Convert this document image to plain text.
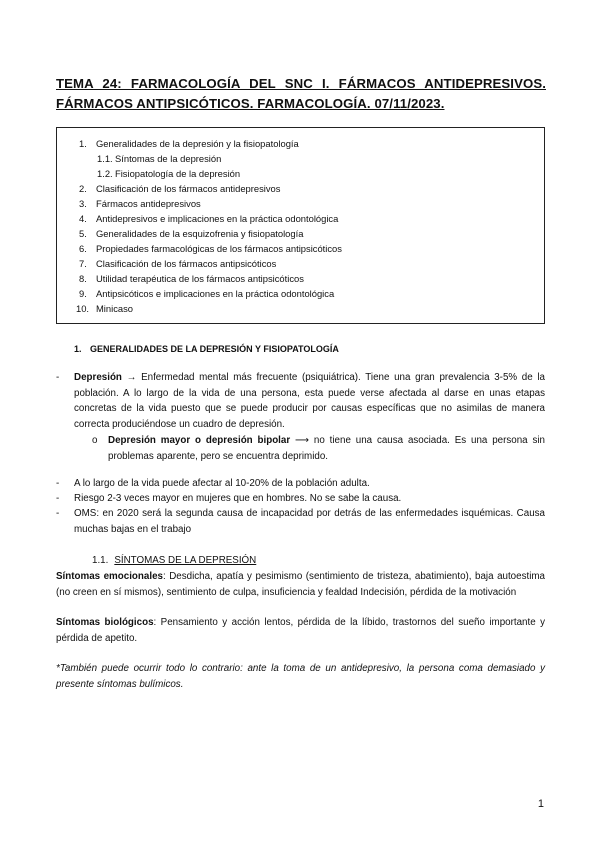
TEMA 24: FARMACOLOGÍA DEL SNC I. FÁRMACOS ANTIDEPRESIVOS. FÁRMACOS ANTIPSICÓTICOS. FARMACOLOGÍA. 07/11/2023.
1. Generalidades de la depresión y la fisiopatología
1.1. Síntomas de la depresión
1.2. Fisiopatología de la depresión
2. Clasificación de los fármacos antidepresivos
3. Fármacos antidepresivos
4. Antidepresivos e implicaciones en la práctica odontológica
5. Generalidades de la esquizofrenia y fisiopatología
6. Propiedades farmacológicas de los fármacos antipsicóticos
7. Clasificación de los fármacos antipsicóticos
8. Utilidad terapéutica de los fármacos antipsicóticos
9. Antipsicóticos e implicaciones en la práctica odontológica
10. Minicaso
1. GENERALIDADES DE LA DEPRESIÓN Y FISIOPATOLOGÍA
- Depresión → Enfermedad mental más frecuente (psiquiátrica). Tiene una gran prevalencia 3-5% de la población. A lo largo de la vida de una persona, esta puede verse afectada al darse en unas etapas concretas de la vida puesto que se puede producir por causas específicas que no asimilas de manera correcta produciéndose un cuadro de depresión.
o Depresión mayor o depresión bipolar ⟶ no tiene una causa asociada. Es una persona sin problemas aparente, pero se encuentra deprimido.
- A lo largo de la vida puede afectar al 10-20% de la población adulta.
- Riesgo 2-3 veces mayor en mujeres que en hombres. No se sabe la causa.
- OMS: en 2020 será la segunda causa de incapacidad por detrás de las enfermedades isquémicas. Causa muchas bajas en el trabajo
1.1. SÍNTOMAS DE LA DEPRESIÓN
Síntomas emocionales: Desdicha, apatía y pesimismo (sentimiento de tristeza, abatimiento), baja autoestima (no creen en sí mismos), sentimiento de culpa, insuficiencia y fealdad Indecisión, pérdida de la motivación
Síntomas biológicos: Pensamiento y acción lentos, pérdida de la líbido, trastornos del sueño importante y pérdida de apetito.
*También puede ocurrir todo lo contrario: ante la toma de un antidepresivo, la persona coma demasiado y presente síntomas bulímicos.
1
